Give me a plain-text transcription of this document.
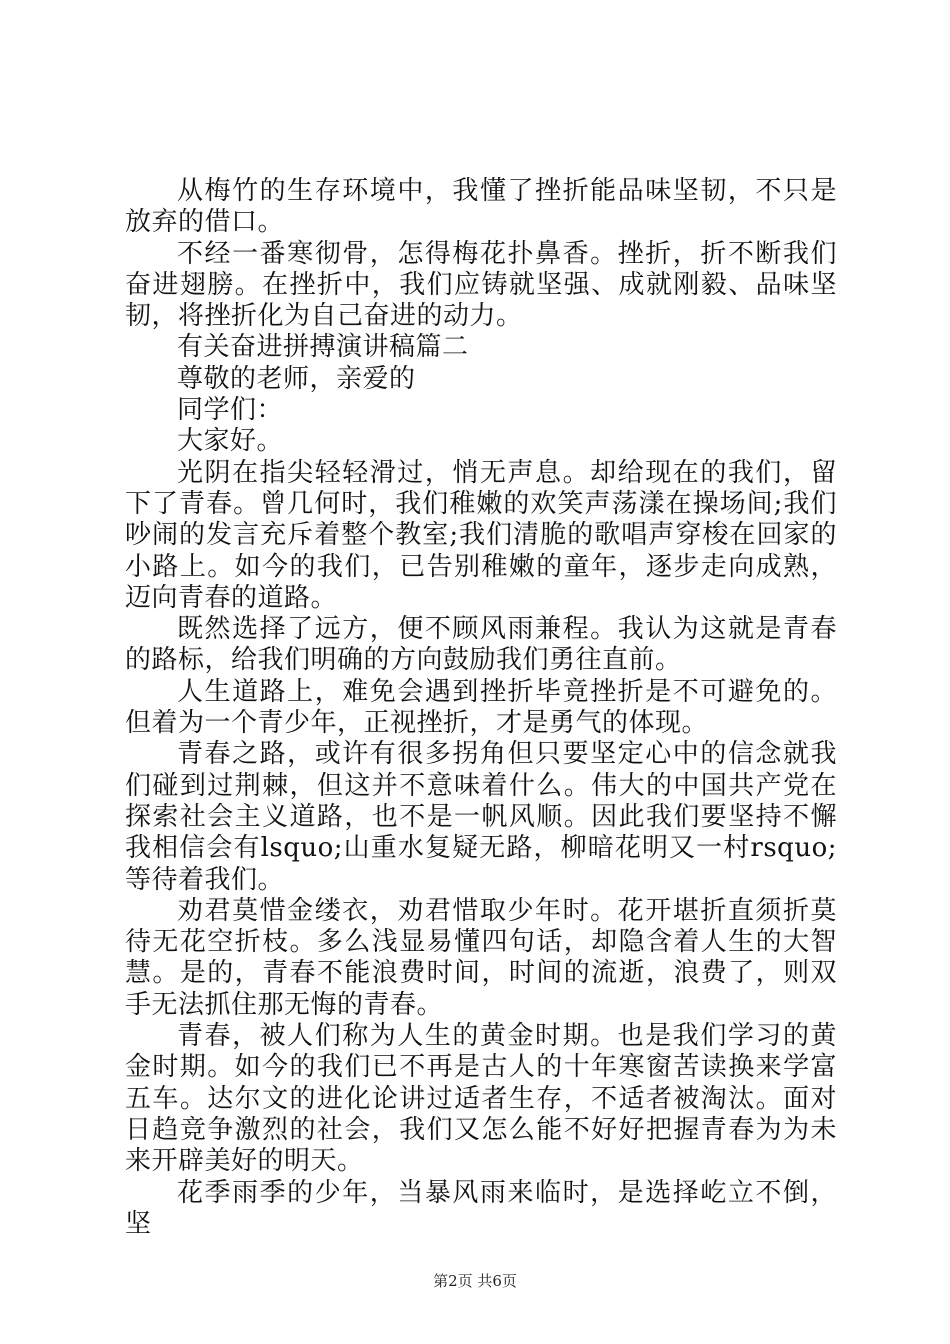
从梅竹的生存环境中，我懂了挫折能品味坚韧，不只是放弃的借口。

不经一番寒彻骨，怎得梅花扑鼻香。挫折，折不断我们奋进翅膀。在挫折中，我们应铸就坚强、成就刚毅、品味坚韧，将挫折化为自己奋进的动力。

有关奋进拼搏演讲稿篇二

尊敬的老师，亲爱的

同学们：

大家好。

光阴在指尖轻轻滑过，悄无声息。却给现在的我们，留下了青春。曾几何时，我们稚嫩的欢笑声荡漾在操场间;我们吵闹的发言充斥着整个教室;我们清脆的歌唱声穿梭在回家的小路上。如今的我们，已告别稚嫩的童年，逐步走向成熟，迈向青春的道路。

既然选择了远方，便不顾风雨兼程。我认为这就是青春的路标，给我们明确的方向鼓励我们勇往直前。

人生道路上，难免会遇到挫折毕竟挫折是不可避免的。但着为一个青少年，正视挫折，才是勇气的体现。

青春之路，或许有很多拐角但只要坚定心中的信念就我们碰到过荆棘，但这并不意味着什么。伟大的中国共产党在探索社会主义道路，也不是一帆风顺。因此我们要坚持不懈我相信会有lsquo;山重水复疑无路，柳暗花明又一村rsquo;等待着我们。

劝君莫惜金缕衣，劝君惜取少年时。花开堪折直须折莫待无花空折枝。多么浅显易懂四句话，却隐含着人生的大智慧。是的，青春不能浪费时间，时间的流逝，浪费了，则双手无法抓住那无悔的青春。

青春，被人们称为人生的黄金时期。也是我们学习的黄金时期。如今的我们已不再是古人的十年寒窗苦读换来学富五车。达尔文的进化论讲过适者生存，不适者被淘汰。面对日趋竞争激烈的社会，我们又怎么能不好好把握青春为为未来开辟美好的明天。

花季雨季的少年，当暴风雨来临时，是选择屹立不倒，坚

第2页 共6页
